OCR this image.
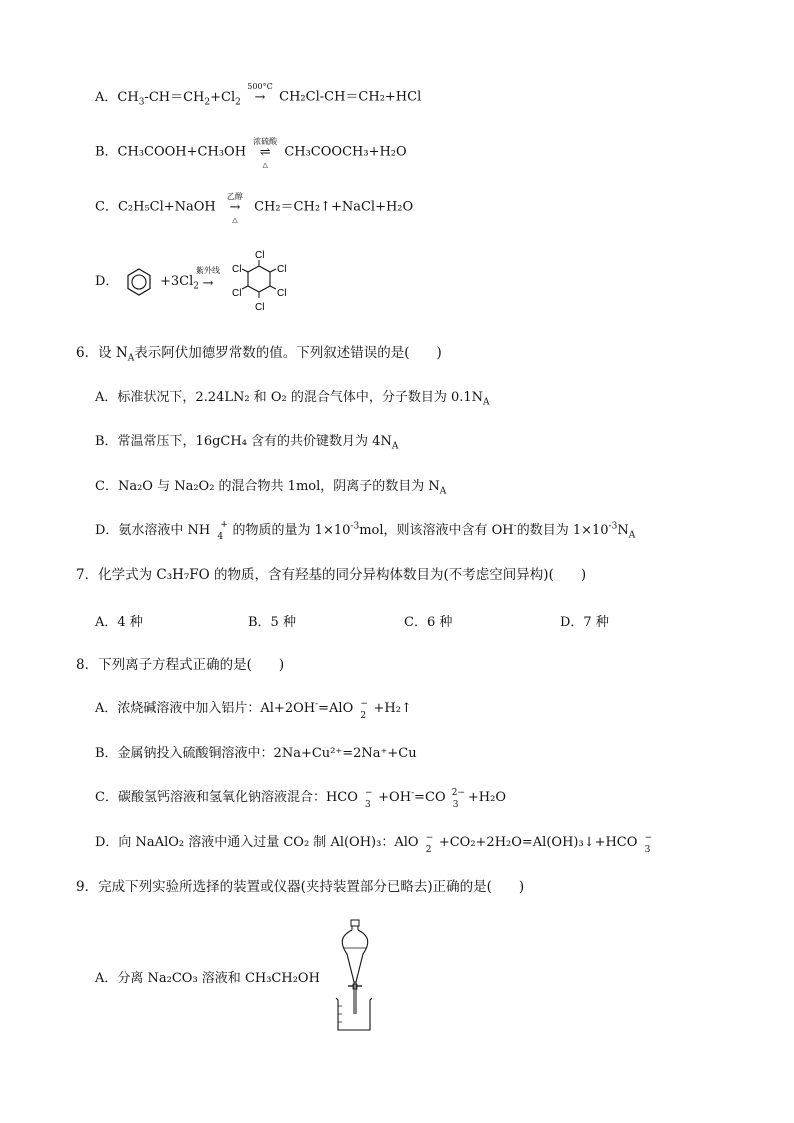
A．$CH_3-CH=CH_2+Cl_2$
500°C
→	CH₂Cl-CH＝CH₂+HCl
B．CH₃COOH+CH₃OH
浓硫酸
⇌
△
CH₃COOCH₃+H₂O
C．C₂H₅Cl+NaOH
乙醇
→
△
CH₂＝CH₂↑+NaCl+H₂O
D．	$+3Cl_2$
紫外线
→
Cl
Cl
Cl
Cl
Cl
Cl
6．设 $N_A$表示阿伏加德罗常数的值。下列叙述错误的是(　　)
A．标准状况下，2.24LN₂ 和 O₂ 的混合气体中，分子数目为 $0.1N_A$
B．常温常压下，16gCH₄ 含有的共价键数月为 $4N_A$
C．Na₂O 与 Na₂O₂ 的混合物共 1mol，阴离子的数目为 $N_A$
D．氨水溶液中 NH +
4 的物质的量为 $1\times 10^{-3}mol$，则该溶液中含有 OH-的数目为 $1\times 10^{-3}N_A$
7．化学式为 C₃H₇FO 的物质，含有羟基的同分异构体数目为(不考虑空间异构)(　　)
A．4 种	B．5 种	C．6 种	D．7 种
8．下列离子方程式正确的是(　　)
A．浓烧碱溶液中加入铝片：Al+2OH-=AlO −
2 +H₂↑
B．金属钠投入硫酸铜溶液中：2Na+Cu²⁺=2Na⁺+Cu
C．碳酸氢钙溶液和氢氧化钠溶液混合：HCO −
3 +OH-=CO 2−
3 +H₂O
D．向 NaAlO₂ 溶液中通入过量 CO₂ 制 Al(OH)₃：AlO −
2 +CO₂+2H₂O=Al(OH)₃↓+HCO −
3
9．完成下列实验所选择的装置或仪器(夹持装置部分已略去)正确的是(　　)
A．分离 Na₂CO₃ 溶液和 CH₃CH₂OH
